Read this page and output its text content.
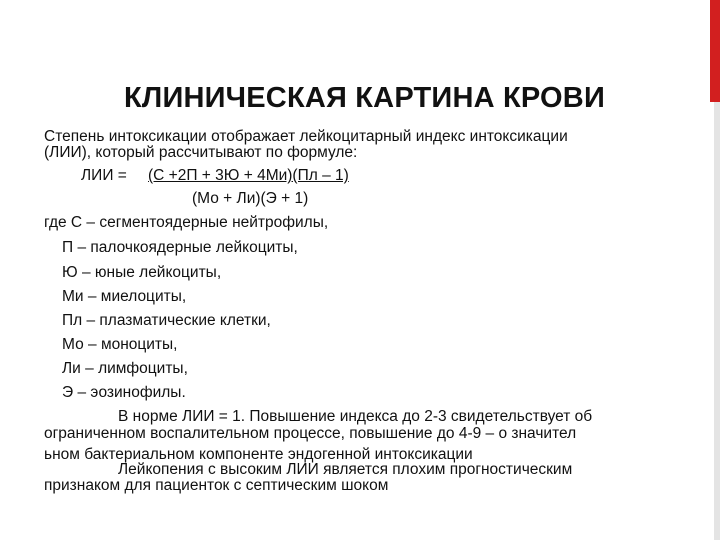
КЛИНИЧЕСКАЯ КАРТИНА КРОВИ
Степень интоксикации отображает лейкоцитарный индекс интоксикации
(ЛИИ), который рассчитывают по формуле:
ЛИИ = (С +2П + 3Ю + 4Ми)(Пл – 1)
(Мо + Ли)(Э + 1)
где С – сегментоядерные нейтрофилы,
П – палочкоядерные лейкоциты,
Ю – юные лейкоциты,
Ми – миелоциты,
Пл – плазматические клетки,
Мо – моноциты,
Ли – лимфоциты,
Э – эозинофилы.
В норме ЛИИ = 1. Повышение индекса до 2-3 свидетельствует об
ограниченном воспалительном процессе, повышение до 4-9 – о значител
ьном бактериальном компоненте эндогенной интоксикации
Лейкопения с высоким ЛИИ является плохим прогностическим
признаком для пациенток с септическим шоком
